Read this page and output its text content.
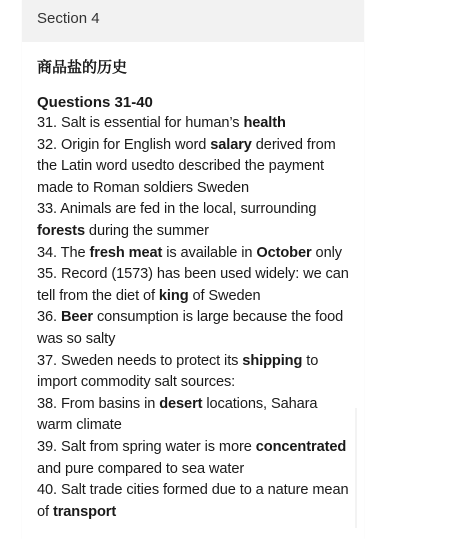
Section 4
商品盐的历史
Questions 31-40
31. Salt is essential for human’s health
32. Origin for English word salary derived from the Latin word usedto described the payment made to Roman soldiers Sweden
33. Animals are fed in the local, surrounding forests during the summer
34. The fresh meat is available in October only
35. Record (1573) has been used widely: we can tell from the diet of king of Sweden
36. Beer consumption is large because the food was so salty
37. Sweden needs to protect its shipping to import commodity salt sources:
38. From basins in desert locations, Sahara warm climate
39. Salt from spring water is more concentrated and pure compared to sea water
40. Salt trade cities formed due to a nature mean of transport
